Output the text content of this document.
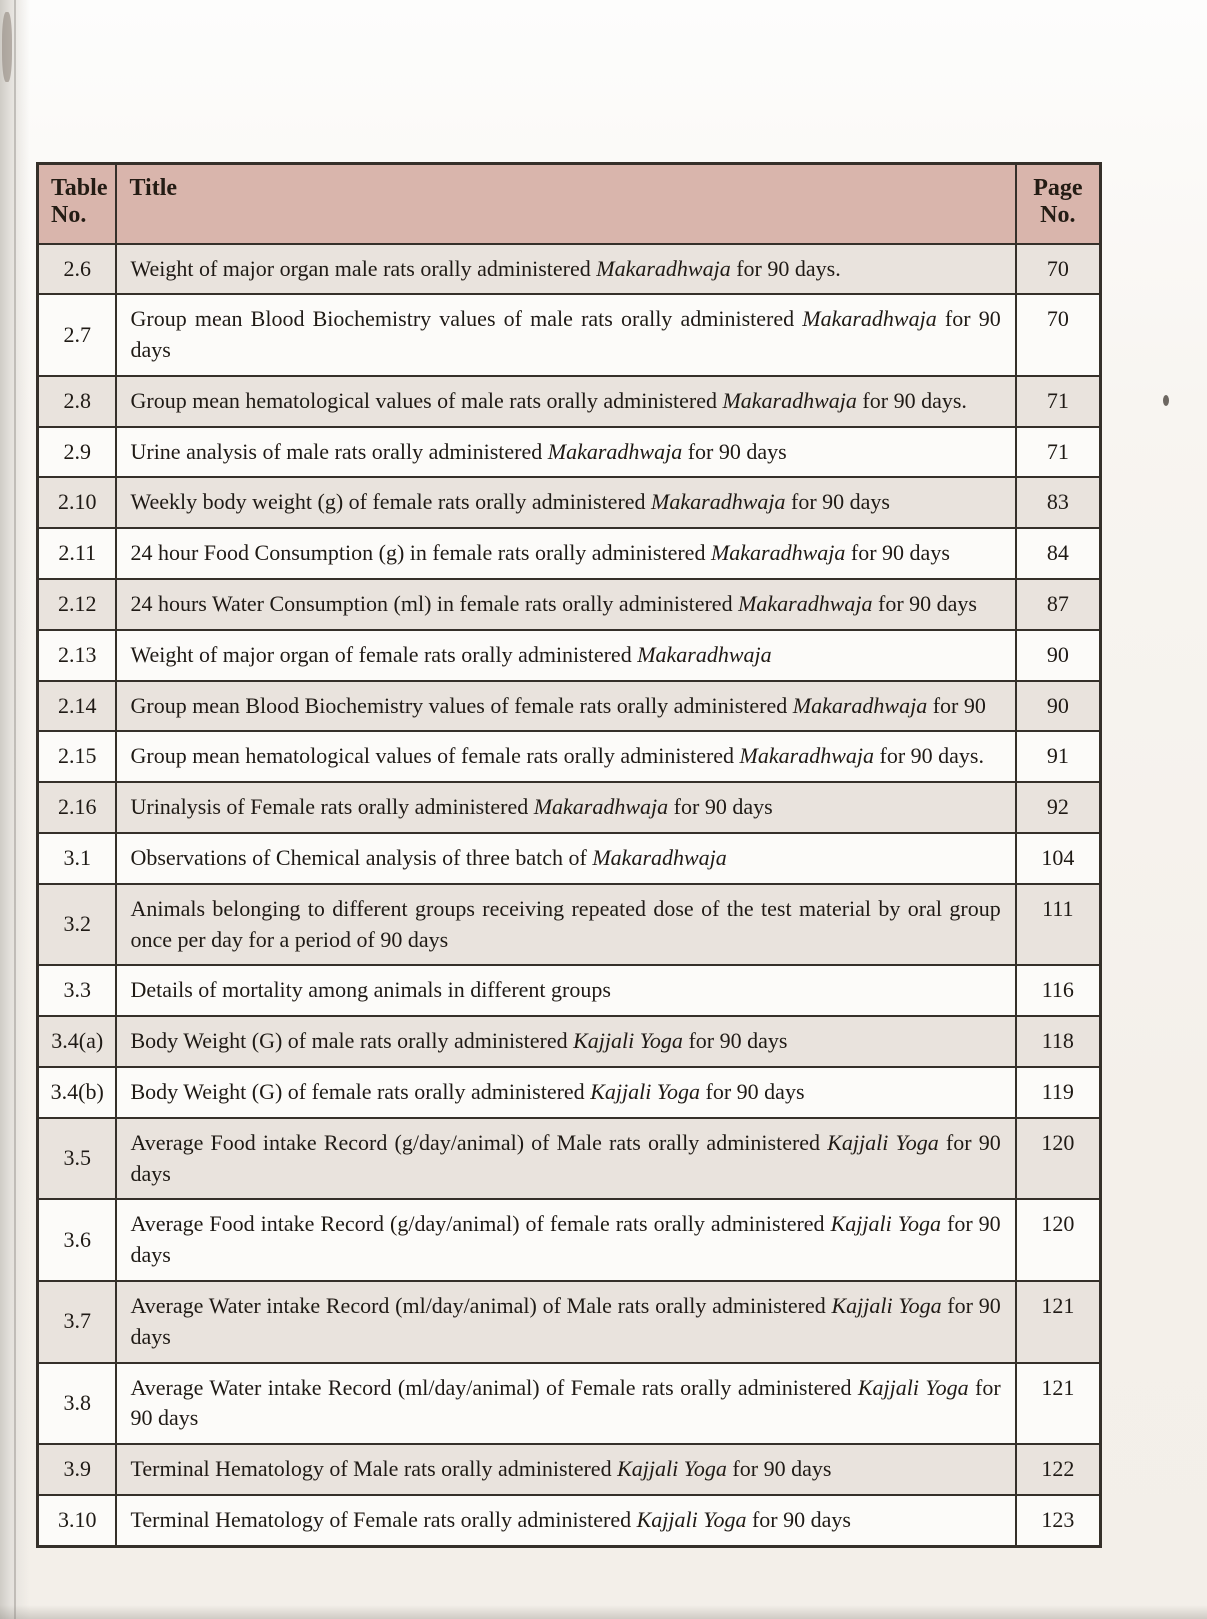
Table No.	Title	Page No.
2.6	Weight of major organ male rats orally administered Makaradhwaja for 90 days.	70
2.7	Group mean Blood Biochemistry values of male rats orally administered Makaradhwaja for 90 days	70
2.8	Group mean hematological values of male rats orally administered Makaradhwaja for 90 days.	71
2.9	Urine analysis of male rats orally administered Makaradhwaja for 90 days	71
2.10	Weekly body weight (g) of female rats orally administered Makaradhwaja for 90 days	83
2.11	24 hour Food Consumption (g) in female rats orally administered Makaradhwaja for 90 days	84
2.12	24 hours Water Consumption (ml) in female rats orally administered Makaradhwaja for 90 days	87
2.13	Weight of major organ of female rats orally administered Makaradhwaja	90
2.14	Group mean Blood Biochemistry values of female rats orally administered Makaradhwaja for 90	90
2.15	Group mean hematological values of female rats orally administered Makaradhwaja for 90 days.	91
2.16	Urinalysis of Female rats orally administered Makaradhwaja for 90 days	92
3.1	Observations of Chemical analysis of three batch of Makaradhwaja	104
3.2	Animals belonging to different groups receiving repeated dose of the test material by oral group once per day for a period of 90 days	111
3.3	Details of mortality among animals in different groups	116
3.4(a)	Body Weight (G) of male rats orally administered Kajjali Yoga for 90 days	118
3.4(b)	Body Weight (G) of female rats orally administered Kajjali Yoga for 90 days	119
3.5	Average Food intake Record (g/day/animal) of Male rats orally administered Kajjali Yoga for 90 days	120
3.6	Average Food intake Record (g/day/animal) of female rats orally administered Kajjali Yoga for 90 days	120
3.7	Average Water intake Record (ml/day/animal) of Male rats orally administered Kajjali Yoga for 90 days	121
3.8	Average Water intake Record (ml/day/animal) of Female rats orally administered Kajjali Yoga for 90 days	121
3.9	Terminal Hematology of Male rats orally administered Kajjali Yoga for 90 days	122
3.10	Terminal Hematology of Female rats orally administered Kajjali Yoga for 90 days	123
